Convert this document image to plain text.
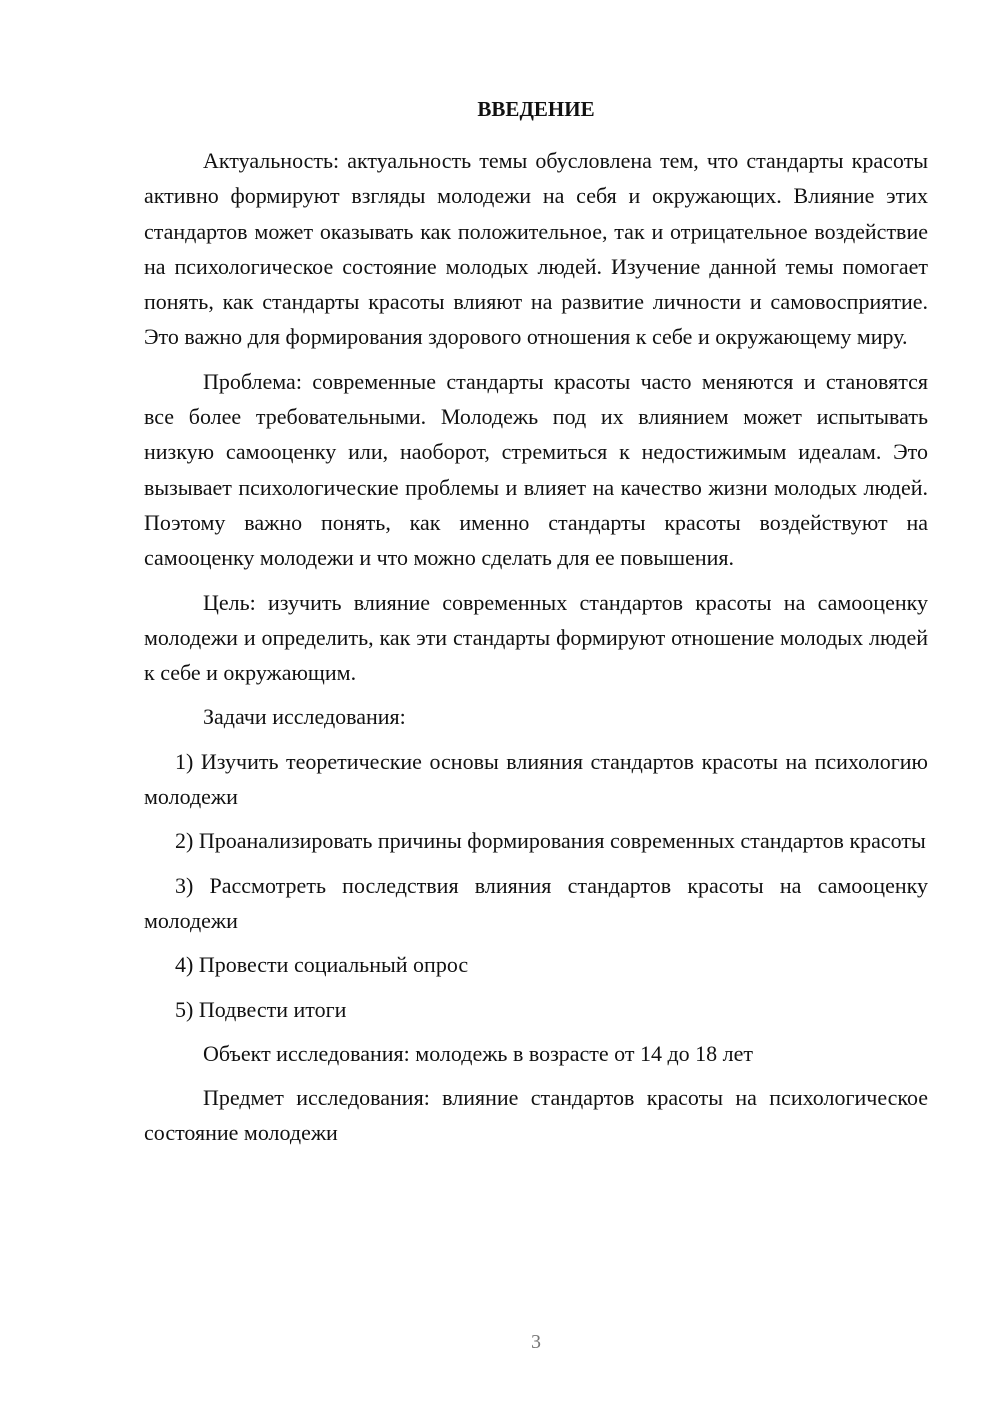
ВВЕДЕНИЕ

Актуальность: актуальность темы обусловлена тем, что стандарты красоты активно формируют взгляды молодежи на себя и окружающих. Влияние этих стандартов может оказывать как положительное, так и отрицательное воздействие на психологическое состояние молодых людей. Изучение данной темы помогает понять, как стандарты красоты влияют на развитие личности и самовосприятие. Это важно для формирования здорового отношения к себе и окружающему миру.

Проблема: современные стандарты красоты часто меняются и становятся все более требовательными. Молодежь под их влиянием может испытывать низкую самооценку или, наоборот, стремиться к недостижимым идеалам. Это вызывает психологические проблемы и влияет на качество жизни молодых людей. Поэтому важно понять, как именно стандарты красоты воздействуют на самооценку молодежи и что можно сделать для ее повышения.

Цель: изучить влияние современных стандартов красоты на самооценку молодежи и определить, как эти стандарты формируют отношение молодых людей к себе и окружающим.

Задачи исследования:

1) Изучить теоретические основы влияния стандартов красоты на психологию молодежи

2) Проанализировать причины формирования современных стандартов красоты

3) Рассмотреть последствия влияния стандартов красоты на самооценку молодежи

4) Провести социальный опрос

5) Подвести итоги

Объект исследования: молодежь в возрасте от 14 до 18 лет

Предмет исследования: влияние стандартов красоты на психологическое состояние молодежи

3
